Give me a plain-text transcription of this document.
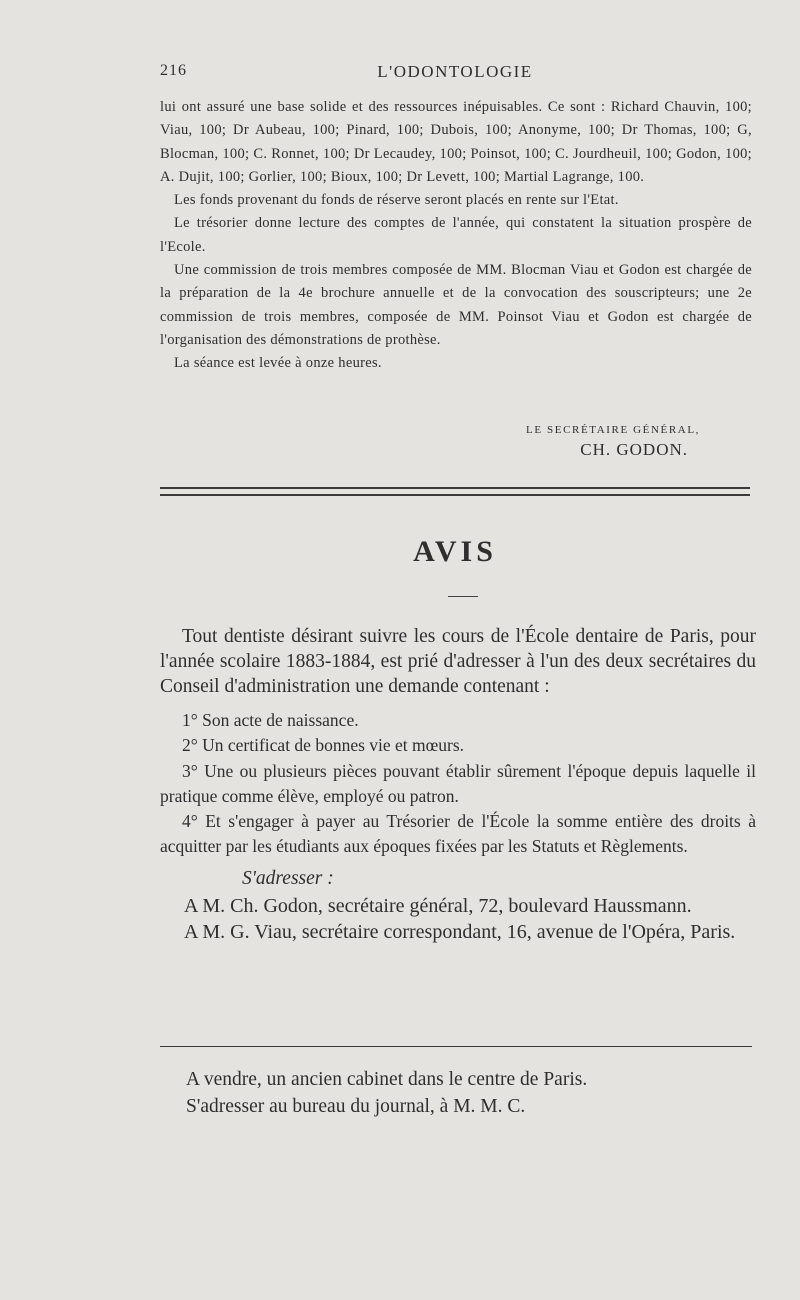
216	L'ODONTOLOGIE

lui ont assuré une base solide et des ressources inépuisables. Ce sont : Richard Chauvin, 100; Viau, 100; Dr Aubeau, 100; Pinard, 100; Dubois, 100; Anonyme, 100; Dr Thomas, 100; G, Blocman, 100; C. Ronnet, 100; Dr Lecaudey, 100; Poinsot, 100; C. Jourdheuil, 100; Godon, 100; A. Dujit, 100; Gorlier, 100; Bioux, 100; Dr Levett, 100; Martial Lagrange, 100.

Les fonds provenant du fonds de réserve seront placés en rente sur l'Etat.

Le trésorier donne lecture des comptes de l'année, qui constatent la situation prospère de l'Ecole.

Une commission de trois membres composée de MM. Blocman Viau et Godon est chargée de la préparation de la 4e brochure annuelle et de la convocation des souscripteurs; une 2e commission de trois membres, composée de MM. Poinsot Viau et Godon est chargée de l'organisation des démonstrations de prothèse.

La séance est levée à onze heures.

LE SECRÉTAIRE GÉNÉRAL,

CH. GODON.

AVIS

Tout dentiste désirant suivre les cours de l'École dentaire de Paris, pour l'année scolaire 1883-1884, est prié d'adresser à l'un des deux secrétaires du Conseil d'administration une demande contenant :

1° Son acte de naissance.

2° Un certificat de bonnes vie et mœurs.

3° Une ou plusieurs pièces pouvant établir sûrement l'époque depuis laquelle il pratique comme élève, employé ou patron.

4° Et s'engager à payer au Trésorier de l'École la somme entière des droits à acquitter par les étudiants aux époques fixées par les Statuts et Règlements.

S'adresser :

A M. Ch. Godon, secrétaire général, 72, boulevard Haussmann.

A M. G. Viau, secrétaire correspondant, 16, avenue de l'Opéra, Paris.

A vendre, un ancien cabinet dans le centre de Paris.

S'adresser au bureau du journal, à M. M. C.
